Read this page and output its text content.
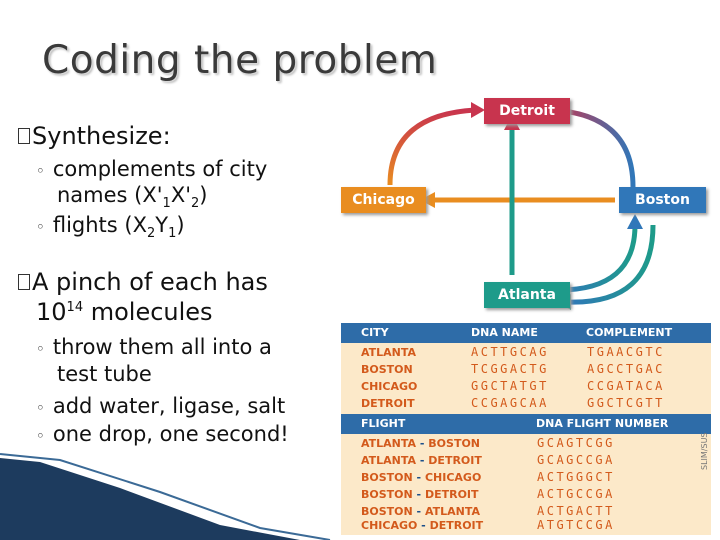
Coding the problem
Synthesize:
◦ complements of city
names $(X'_1X'_2)$
◦ flights $(X_2Y_1)$
A pinch of each has
$10^{14}$ molecules
◦ throw them all into a
test tube
◦ add water, ligase, salt
◦ one drop, one second!
Detroit
Chicago	Boston
Atlanta
CITY	DNA NAME	COMPLEMENT
ATLANTA	ACTTGCAG	TGAACGTC
BOSTON	TCGGACTG	AGCCTGAC
CHICAGO	GGCTATGT	CCGATACA
DETROIT	CCGAGCAA	GGCTCGTT
FLIGHT	DNA FLIGHT NUMBER
ATLANTA - BOSTON	GCAGTCGG
ATLANTA - DETROIT	GCAGCCGA
BOSTON - CHICAGO	ACTGGGCT
BOSTON - DETROIT	ACTGCCGA
BOSTON - ATLANTA	ACTGACTT
CHICAGO - DETROIT	ATGTCCGA
SLIM/SUS
